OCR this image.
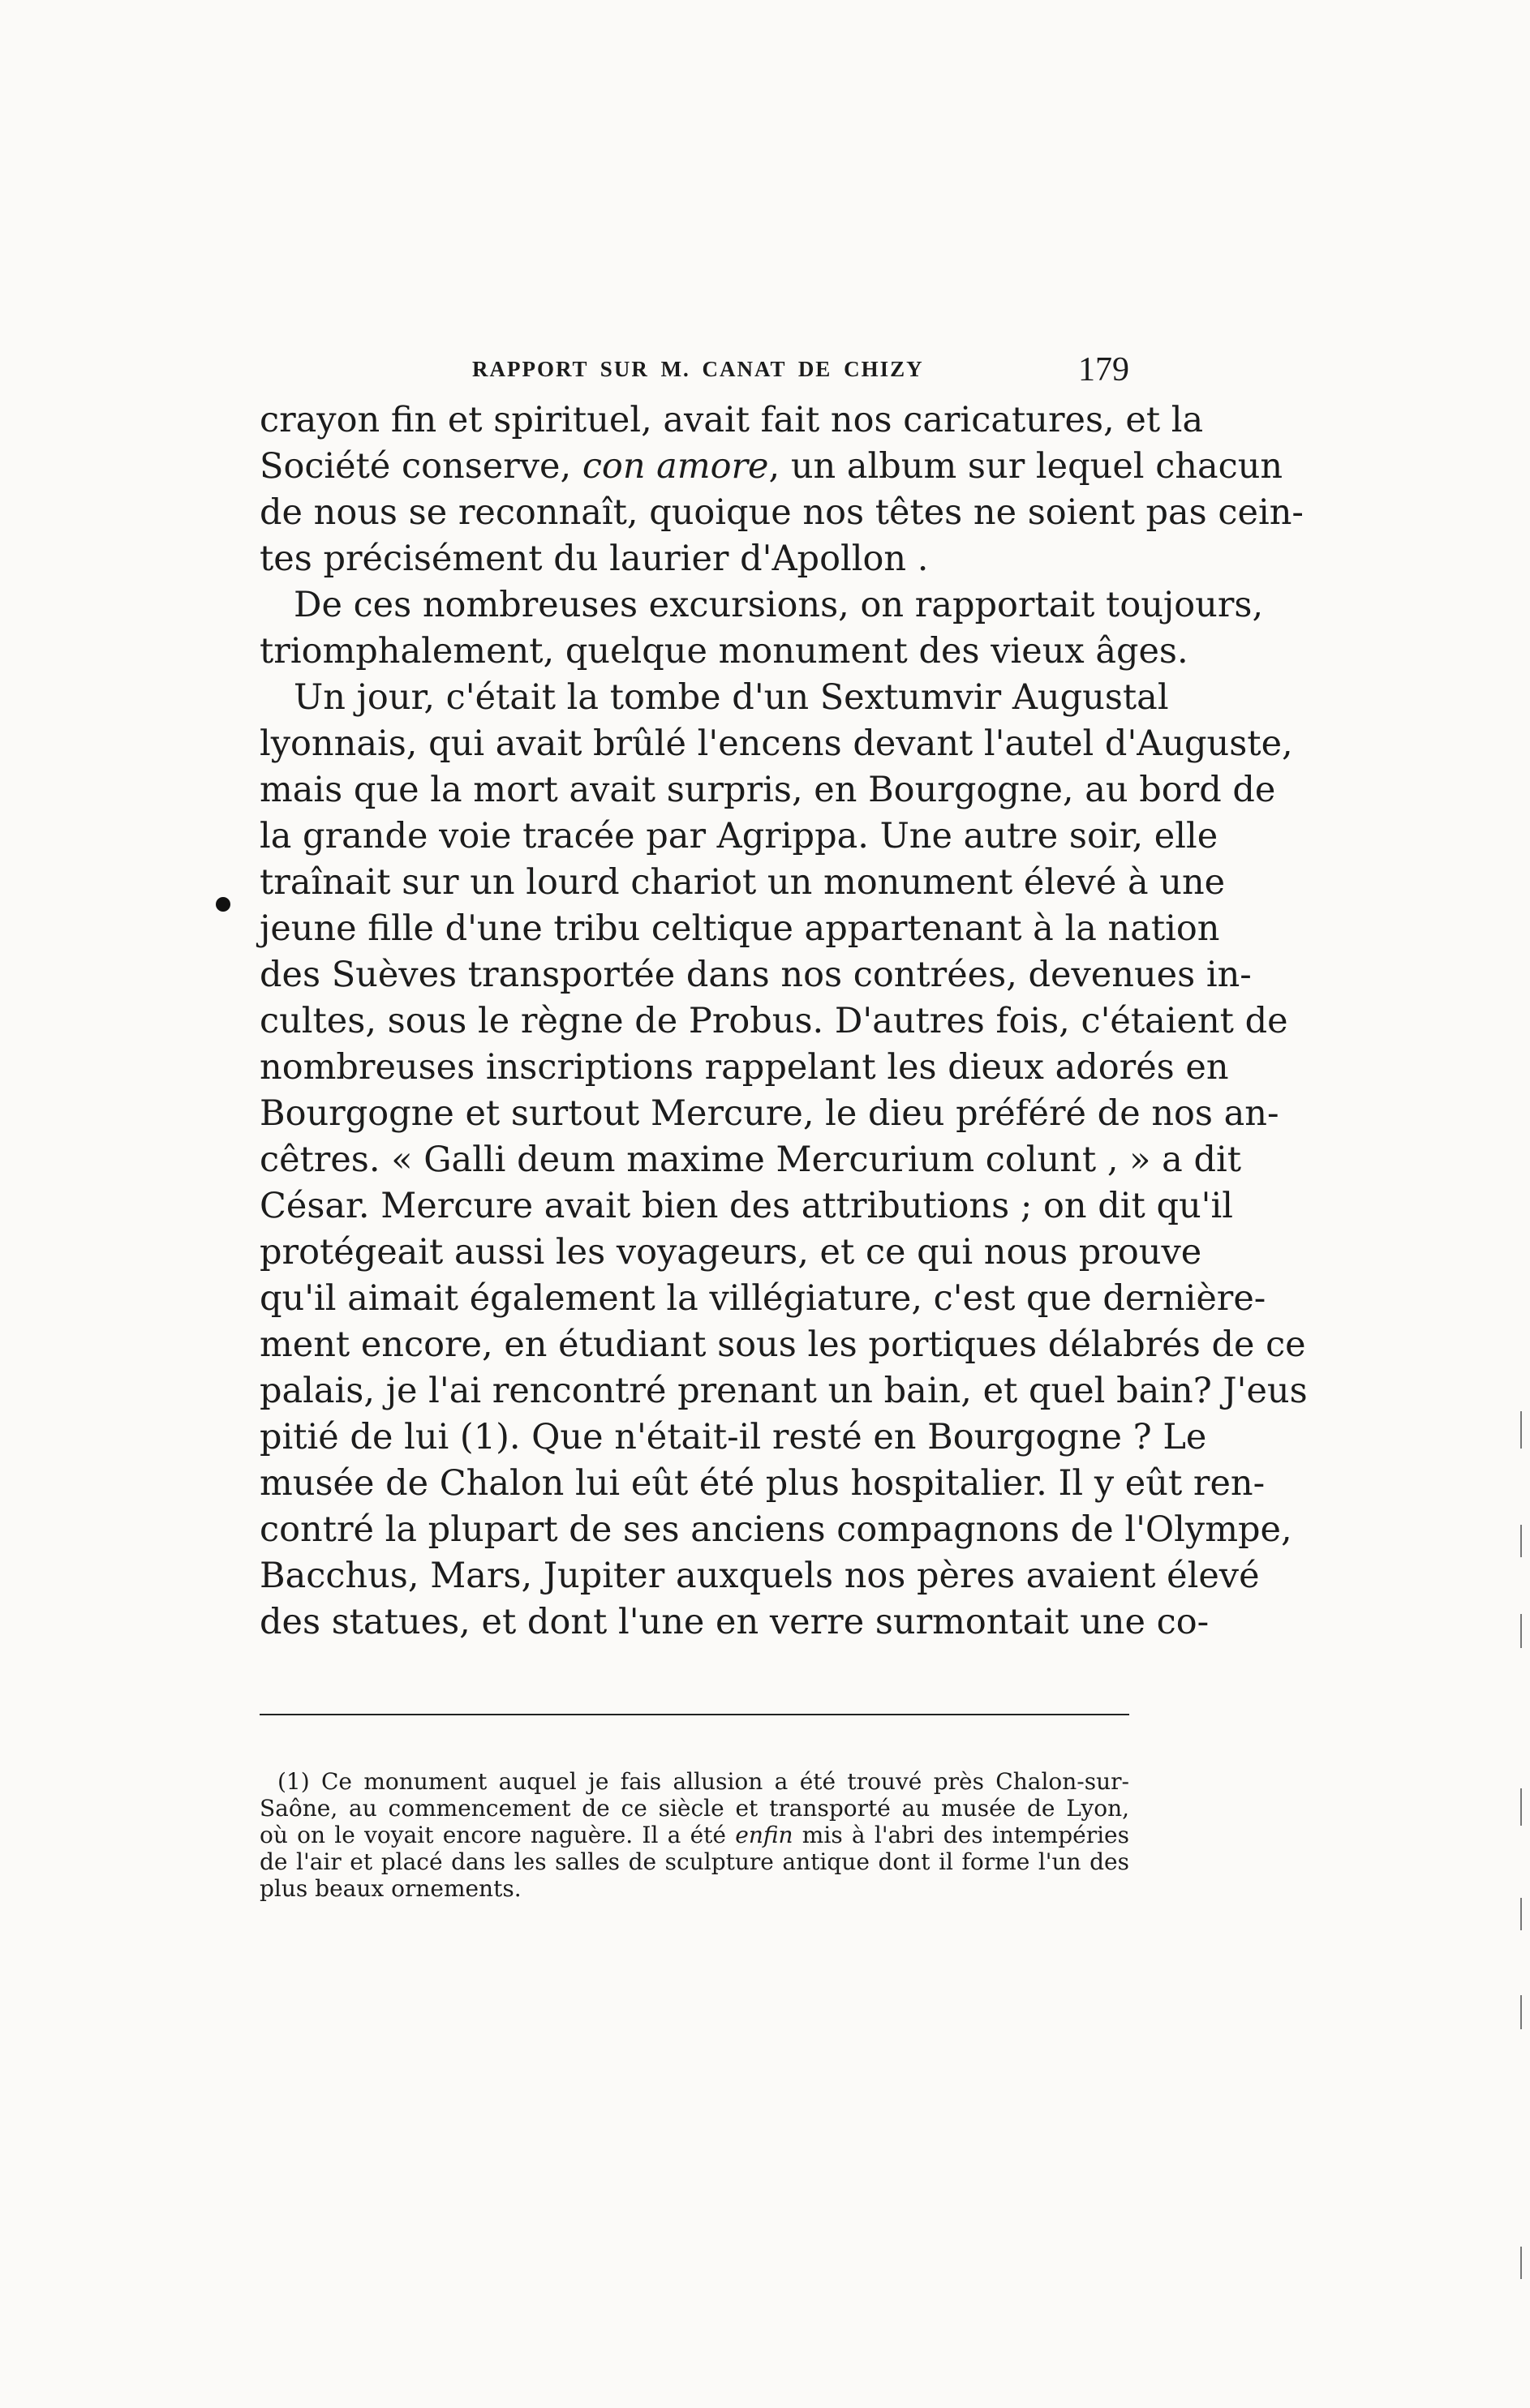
RAPPORT SUR M. CANAT DE CHIZY	179
crayon fin et spirituel, avait fait nos caricatures, et la
Société conserve, con amore, un album sur lequel chacun
de nous se reconnaît, quoique nos têtes ne soient pas cein-
tes précisément du laurier d'Apollon .
De ces nombreuses excursions, on rapportait toujours,
triomphalement, quelque monument des vieux âges.
Un jour, c'était la tombe d'un Sextumvir Augustal
lyonnais, qui avait brûlé l'encens devant l'autel d'Auguste,
mais que la mort avait surpris, en Bourgogne, au bord de
la grande voie tracée par Agrippa. Une autre soir, elle
traînait sur un lourd chariot un monument élevé à une
jeune fille d'une tribu celtique appartenant à la nation
des Suèves transportée dans nos contrées, devenues in-
cultes, sous le règne de Probus. D'autres fois, c'étaient de
nombreuses inscriptions rappelant les dieux adorés en
Bourgogne et surtout Mercure, le dieu préféré de nos an-
cêtres. « Galli deum maxime Mercurium colunt , » a dit
César. Mercure avait bien des attributions ; on dit qu'il
protégeait aussi les voyageurs, et ce qui nous prouve
qu'il aimait également la villégiature, c'est que dernière-
ment encore, en étudiant sous les portiques délabrés de ce
palais, je l'ai rencontré prenant un bain, et quel bain? J'eus
pitié de lui (1). Que n'était-il resté en Bourgogne ? Le
musée de Chalon lui eût été plus hospitalier. Il y eût ren-
contré la plupart de ses anciens compagnons de l'Olympe,
Bacchus, Mars, Jupiter auxquels nos pères avaient élevé
des statues, et dont l'une en verre surmontait une co-
(1) Ce monument auquel je fais allusion a été trouvé près Chalon-sur-
Saône, au commencement de ce siècle et transporté au musée de Lyon,
où on le voyait encore naguère. Il a été enfin mis à l'abri des intempéries
de l'air et placé dans les salles de sculpture antique dont il forme l'un des
plus beaux ornements.
